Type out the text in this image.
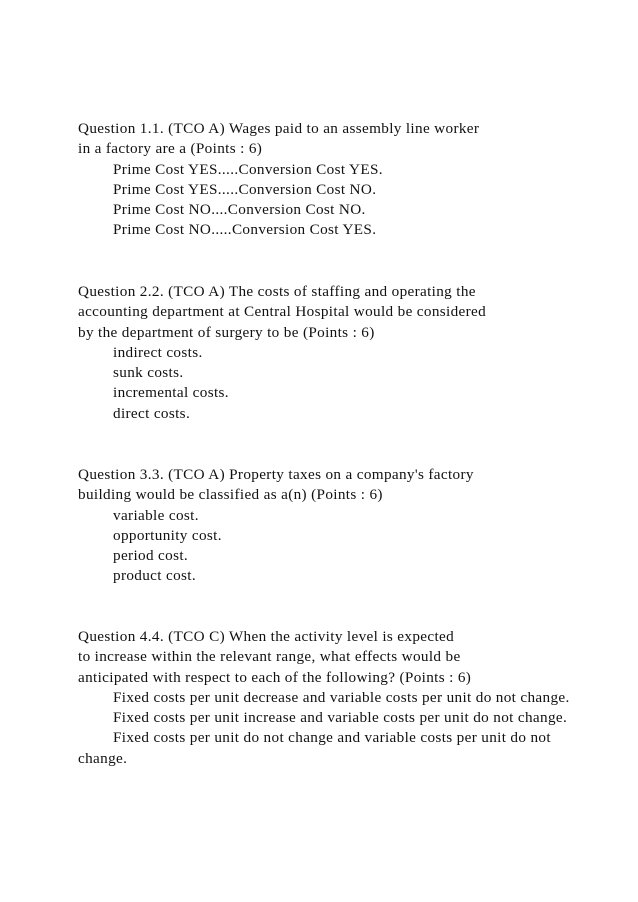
Question 1.1. (TCO A) Wages paid to an assembly line worker
in a factory are a (Points : 6)

Prime Cost YES.....Conversion Cost YES.
Prime Cost YES.....Conversion Cost NO.
Prime Cost NO....Conversion Cost NO.
Prime Cost NO.....Conversion Cost YES.

Question 2.2. (TCO A) The costs of staffing and operating the
accounting department at Central Hospital would be considered
by the department of surgery to be (Points : 6)

indirect costs.
sunk costs.
incremental costs.
direct costs.

Question 3.3. (TCO A) Property taxes on a company's factory
building would be classified as a(n) (Points : 6)

variable cost.
opportunity cost.
period cost.
product cost.

Question 4.4. (TCO C) When the activity level is expected
to increase within the relevant range, what effects would be
anticipated with respect to each of the following? (Points : 6)

Fixed costs per unit decrease and variable costs per unit do not change.
Fixed costs per unit increase and variable costs per unit do not change.
Fixed costs per unit do not change and variable costs per unit do not change.
